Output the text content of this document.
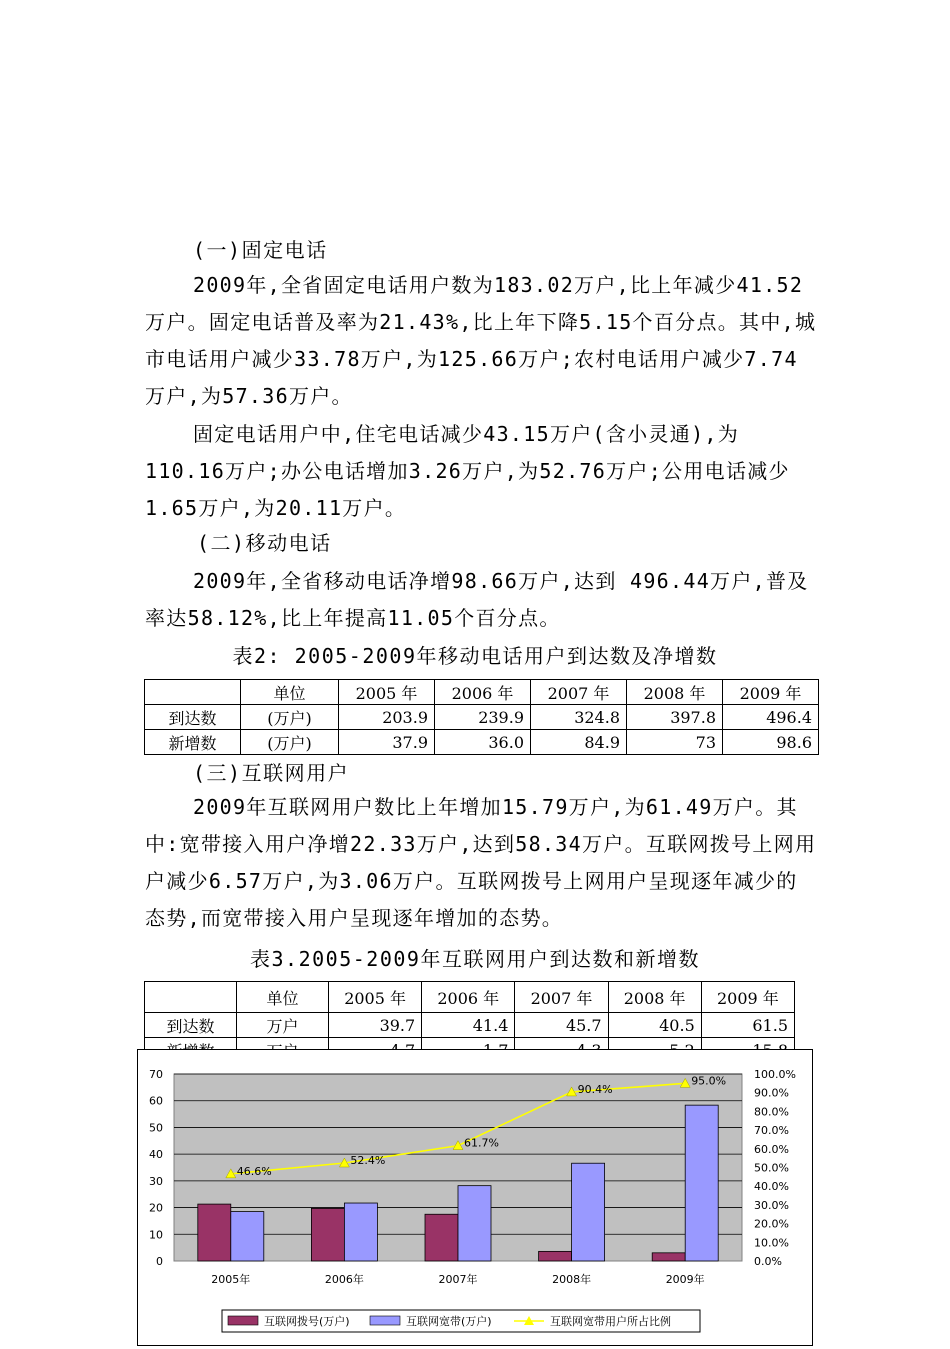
(一)固定电话

2009年,全省固定电话用户数为183.02万户,比上年减少41.52万户。固定电话普及率为21.43%,比上年下降5.15个百分点。其中,城市电话用户减少33.78万户,为125.66万户;农村电话用户减少7.74万户,为57.36万户。

固定电话用户中,住宅电话减少43.15万户(含小灵通),为110.16万户;办公电话增加3.26万户,为52.76万户;公用电话减少1.65万户,为20.11万户。

(二)移动电话

2009年,全省移动电话净增98.66万户,达到 496.44万户,普及率达58.12%,比上年提高11.05个百分点。

表2: 2005-2009年移动电话用户到达数及净增数

	单位	2005 年	2006 年	2007 年	2008 年	2009 年
到达数	(万户)	203.9	239.9	324.8	397.8	496.4
新增数	(万户)	37.9	36.0	84.9	73	98.6

(三)互联网用户

2009年互联网用户数比上年增加15.79万户,为61.49万户。其中:宽带接入用户净增22.33万户,达到58.34万户。互联网拨号上网用户减少6.57万户,为3.06万户。互联网拨号上网用户呈现逐年减少的态势,而宽带接入用户呈现逐年增加的态势。

表3.2005-2009年互联网用户到达数和新增数

	单位	2005 年	2006 年	2007 年	2008 年	2009 年
到达数	万户	39.7	41.4	45.7	40.5	61.5

46.6%
52.4%
61.7%
90.4%
95.0%
0
10
20
30
40
50
60
70
0.0%
10.0%
20.0%
30.0%
40.0%
50.0%
60.0%
70.0%
80.0%
90.0%
100.0%
2005年	2006年	2007年	2008年	2009年
互联网拨号(万户)	互联网宽带(万户)	互联网宽带用户所占比例
